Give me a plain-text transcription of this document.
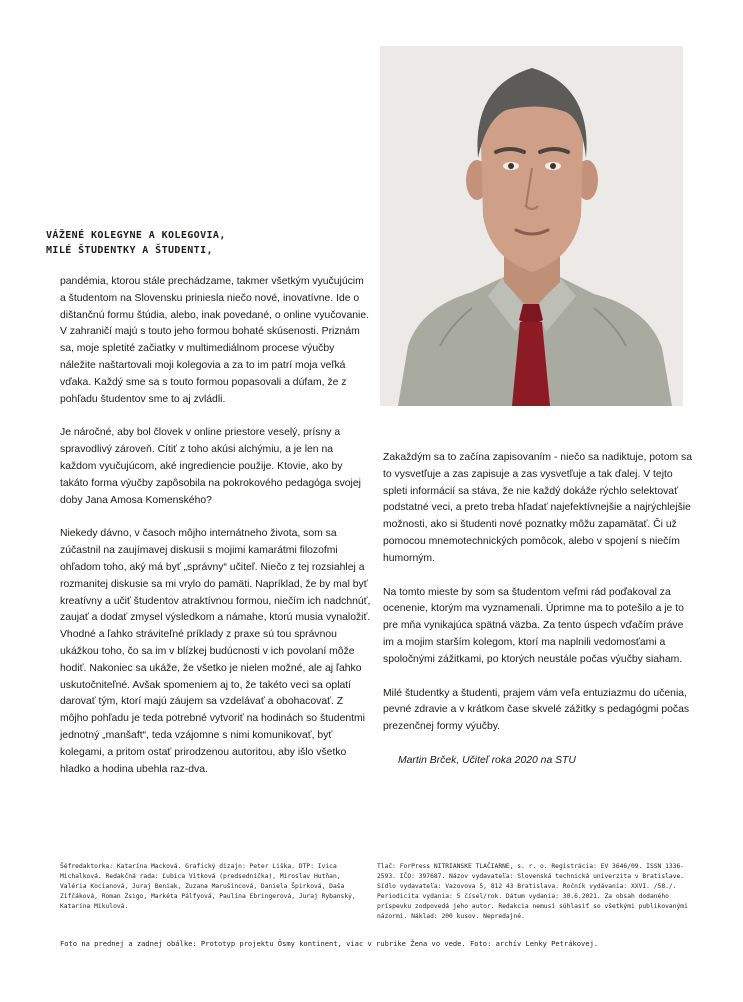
VÁŽENÉ KOLEGYNE A KOLEGOVIA,
MILÉ ŠTUDENTKY A ŠTUDENTI,

pandémia, ktorou stále prechádzame, takmer všetkým vyučujúcim a študentom na Slovensku priniesla niečo nové, inovatívne. Ide o dištančnú formu štúdia, alebo, inak povedané, o online vyučovanie. V zahraničí majú s touto jeho formou bohaté skúsenosti. Priznám sa, moje spletité začiatky v multimediálnom procese výučby náležite naštartovali moji kolegovia a za to im patrí moja veľká vďaka. Každý sme sa s touto formou popasovali a dúfam, že z pohľadu študentov sme to aj zvládli.

Je náročné, aby bol človek v online priestore veselý, prísny a spravodlivý zároveň. Cítiť z toho akúsi alchýmiu, a je len na každom vyučujúcom, aké ingrediencie použije. Ktovie, ako by takáto forma výučby zapôsobila na pokrokového pedagóga svojej doby Jana Amosa Komenského?

Niekedy dávno, v časoch môjho internátneho života, som sa zúčastnil na zaujímavej diskusii s mojimi kamarátmi filozofmi ohľadom toho, aký má byť „správny“ učiteľ. Niečo z tej rozsiahlej a rozmanitej diskusie sa mi vrylo do pamäti. Napríklad, že by mal byť kreatívny a učiť študentov atraktívnou formou, niečím ich nadchnúť, zaujať a dodať zmysel výsledkom a námahe, ktorú musia vynaložiť. Vhodné a ľahko stráviteľné príklady z praxe sú tou správnou ukážkou toho, čo sa im v blízkej budúcnosti v ich povolaní môže hodiť. Nakoniec sa ukáže, že všetko je nielen možné, ale aj ľahko uskutočniteľné. Avšak spomeniem aj to, že takéto veci sa oplatí darovať tým, ktorí majú záujem sa vzdelávať a obohacovať. Z môjho pohľadu je teda potrebné vytvoriť na hodinách so študentmi jednotný „manšaft“, teda vzájomne s nimi komunikovať, byť kolegami, a pritom ostať prirodzenou autoritou, aby išlo všetko hladko a hodina ubehla raz-dva.

Zakaždým sa to začína zapisovaním - niečo sa nadiktuje, potom sa to vysvetľuje a zas zapisuje a zas vysvetľuje a tak ďalej. V tejto spleti informácií sa stáva, že nie každý dokáže rýchlo selektovať podstatné veci, a preto treba hľadať najefektívnejšie a najrýchlejšie možnosti, ako si študenti nové poznatky môžu zapamätať. Či už pomocou mnemotechnických pomôcok, alebo v spojení s niečím humorným.

Na tomto mieste by som sa študentom veľmi rád poďakoval za ocenenie, ktorým ma vyznamenali. Úprimne ma to potešilo a je to pre mňa vynikajúca spätná väzba. Za tento úspech vďačím práve im a mojim starším kolegom, ktorí ma naplnili vedomosťami a spoločnými zážitkami, po ktorých neustále počas výučby siaham.

Milé študentky a študenti, prajem vám veľa entuziazmu do učenia, pevné zdravie a v krátkom čase skvelé zážitky s pedagógmi počas prezenčnej formy výučby.

Martin Brček, Učiteľ roka 2020 na STU

Šéfredaktorka: Katarína Macková. Grafický dizajn: Peter Liška. DTP: Ivica Michalková. Redakčná rada: Ľubica Vitková (predsedníčka), Miroslav Hutňan, Valéria Kocianová, Juraj Beniak, Zuzana Marušincová, Daniela Špirková, Daša Zifčáková, Roman Zsigo, Markéta Pálfyová, Paulína Ebringerová, Juraj Rybanský, Katarína Mikulová.
Tlač: ForPress NITRIANSKE TLAČIARNE, s. r. o. Registrácia: EV 3646/09. ISSN 1336-2593. IČO: 397687. Názov vydavateľa: Slovenská technická univerzita v Bratislave. Sídlo vydavateľa: Vazovova 5, 812 43 Bratislava. Ročník vydávania: XXVI. /58./. Periodicita vydania: 5 čísel/rok. Dátum vydania: 30.6.2021. Za obsah dodaného príspevku zodpovedá jeho autor. Redakcia nemusí súhlasiť so všetkými publikovanými názormi. Náklad: 200 kusov. Nepredajné.
Foto na prednej a zadnej obálke: Prototyp projektu Ôsmy kontinent, viac v rubrike Žena vo vede. Foto: archív Lenky Petrákovej.
